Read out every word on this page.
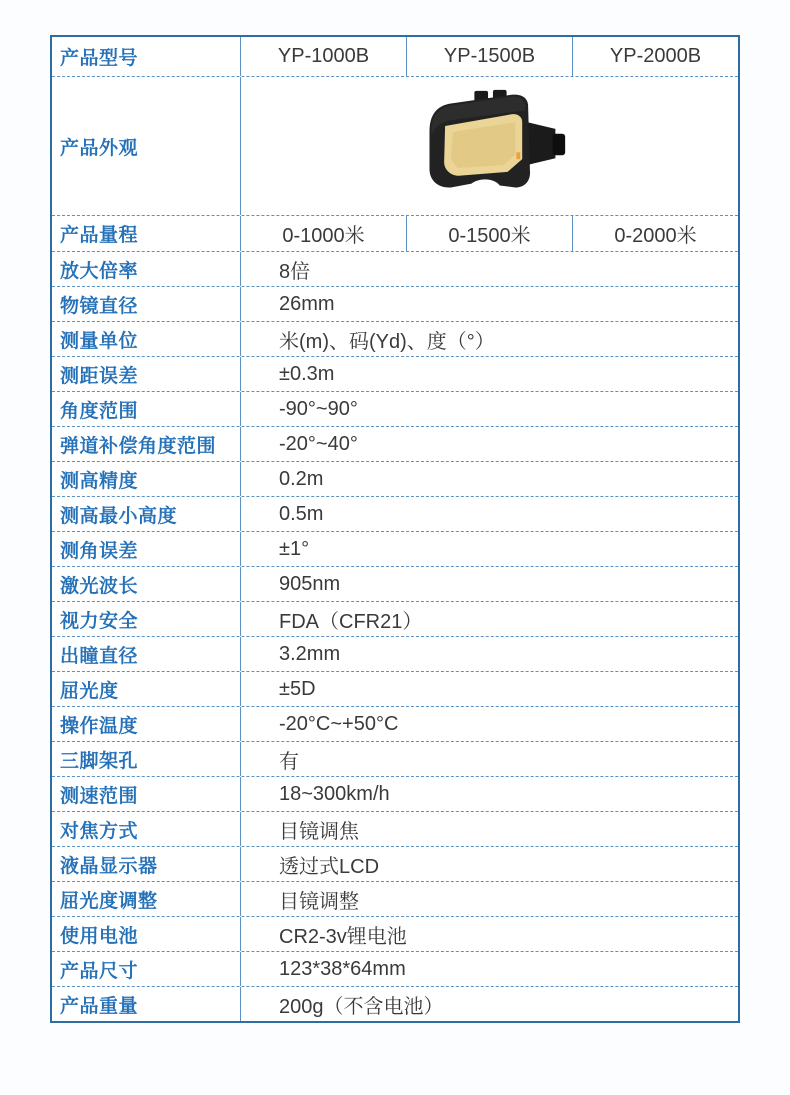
产品型号	YP-1000B	YP-1500B	YP-2000B
产品外观
产品量程	0-1000米	0-1500米	0-2000米
放大倍率	8倍
物镜直径	26mm
测量单位	米(m)、码(Yd)、度（°）
测距误差	±0.3m
角度范围	-90°~90°
弹道补偿角度范围	-20°~40°
测高精度	0.2m
测高最小高度	0.5m
测角误差	±1°
激光波长	905nm
视力安全	FDA（CFR21）
出瞳直径	3.2mm
屈光度	±5D
操作温度	-20°C~+50°C
三脚架孔	有
测速范围	18~300km/h
对焦方式	目镜调焦
液晶显示器	透过式LCD
屈光度调整	目镜调整
使用电池	CR2-3v锂电池
产品尺寸	123*38*64mm
产品重量	200g（不含电池）
